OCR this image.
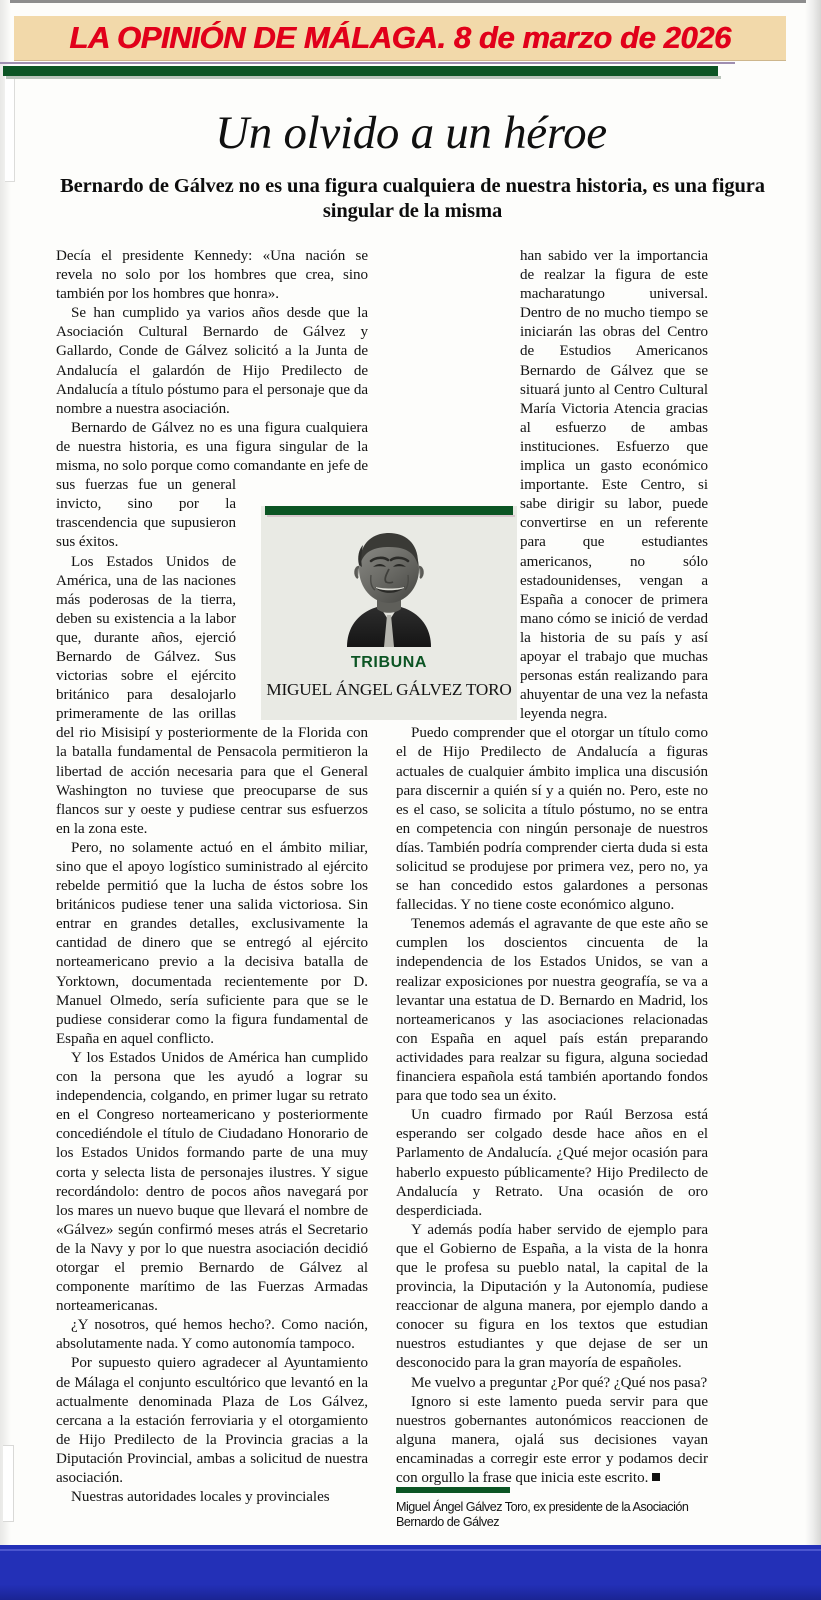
LA OPINIÓN DE MÁLAGA. 8 de marzo de 2026
Un olvido a un héroe
Bernardo de Gálvez no es una figura cualquiera de nuestra historia, es una figura singular de la misma
TRIBUNA
MIGUEL ÁNGEL GÁLVEZ TORO

Decía el presidente Kennedy: «Una nación se revela no solo por los hombres que crea, sino también por los hombres que honra».

Se han cumplido ya varios años desde que la Asociación Cultural Bernardo de Gálvez y Gallardo, Conde de Gálvez solicitó a la Junta de Andalucía el galardón de Hijo Predilecto de Andalucía a título póstumo para el personaje que da nombre a nuestra asociación.

Bernardo de Gálvez no es una figura cualquiera de nuestra historia, es una figura singular de la misma, no solo porque como comandante en jefe de sus fuerzas fue un general invicto, sino por la trascendencia que supusieron sus éxitos.

Los Estados Unidos de América, una de las naciones más poderosas de la tierra, deben su existencia a la labor que, durante años, ejerció Bernardo de Gálvez. Sus victorias sobre el ejército británico para desalojarlo primeramente de las orillas del rio Misisipí y posteriormente de la Florida con la batalla fundamental de Pensacola permitieron la libertad de acción necesaria para que el General Washington no tuviese que preocuparse de sus flancos sur y oeste y pudiese centrar sus esfuerzos en la zona este.

Pero, no solamente actuó en el ámbito miliar, sino que el apoyo logístico suministrado al ejército rebelde permitió que la lucha de éstos sobre los británicos pudiese tener una salida victoriosa. Sin entrar en grandes detalles, exclusivamente la cantidad de dinero que se entregó al ejército norteamericano previo a la decisiva batalla de Yorktown, documentada recientemente por D. Manuel Olmedo, sería suficiente para que se le pudiese considerar como la figura fundamental de España en aquel conflicto.

Y los Estados Unidos de América han cumplido con la persona que les ayudó a lograr su independencia, colgando, en primer lugar su retrato en el Congreso norteamericano y posteriormente concediéndole el título de Ciudadano Honorario de los Estados Unidos formando parte de una muy corta y selecta lista de personajes ilustres. Y sigue recordándolo: dentro de pocos años navegará por los mares un nuevo buque que llevará el nombre de «Gálvez» según confirmó meses atrás el Secretario de la Navy y por lo que nuestra asociación decidió otorgar el premio Bernardo de Gálvez al componente marítimo de las Fuerzas Armadas norteamericanas.

¿Y nosotros, qué hemos hecho?. Como nación, absolutamente nada. Y como autonomía tampoco.

Por supuesto quiero agradecer al Ayuntamiento de Málaga el conjunto escultórico que levantó en la actualmente denominada Plaza de Los Gálvez, cercana a la estación ferroviaria y el otorgamiento de Hijo Predilecto de la Provincia gracias a la Diputación Provincial, ambas a solicitud de nuestra asociación.

Nuestras autoridades locales y provinciales

han sabido ver la importancia de realzar la figura de este macharatungo universal. Dentro de no mucho tiempo se iniciarán las obras del Centro de Estudios Americanos Bernardo de Gálvez que se situará junto al Centro Cultural María Victoria Atencia gracias al esfuerzo de ambas instituciones. Esfuerzo que implica un gasto económico importante. Este Centro, si sabe dirigir su labor, puede convertirse en un referente para que estudiantes americanos, no sólo estadounidenses, vengan a España a conocer de primera mano cómo se inició de verdad la historia de su país y así apoyar el trabajo que muchas personas están realizando para ahuyentar de una vez la nefasta leyenda negra.

Puedo comprender que el otorgar un título como el de Hijo Predilecto de Andalucía a figuras actuales de cualquier ámbito implica una discusión para discernir a quién sí y a quién no. Pero, este no es el caso, se solicita a título póstumo, no se entra en competencia con ningún personaje de nuestros días. También podría comprender cierta duda si esta solicitud se produjese por primera vez, pero no, ya se han concedido estos galardones a personas fallecidas. Y no tiene coste económico alguno.

Tenemos además el agravante de que este año se cumplen los doscientos cincuenta de la independencia de los Estados Unidos, se van a realizar exposiciones por nuestra geografía, se va a levantar una estatua de D. Bernardo en Madrid, los norteamericanos y las asociaciones relacionadas con España en aquel país están preparando actividades para realzar su figura, alguna sociedad financiera española está también aportando fondos para que todo sea un éxito.

Un cuadro firmado por Raúl Berzosa está esperando ser colgado desde hace años en el Parlamento de Andalucía. ¿Qué mejor ocasión para haberlo expuesto públicamente? Hijo Predilecto de Andalucía y Retrato. Una ocasión de oro desperdiciada.

Y además podía haber servido de ejemplo para que el Gobierno de España, a la vista de la honra que le profesa su pueblo natal, la capital de la provincia, la Diputación y la Autonomía, pudiese reaccionar de alguna manera, por ejemplo dando a conocer su figura en los textos que estudian nuestros estudiantes y que dejase de ser un desconocido para la gran mayoría de españoles.

Me vuelvo a preguntar ¿Por qué? ¿Qué nos pasa?

Ignoro si este lamento pueda servir para que nuestros gobernantes autonómicos reaccionen de alguna manera, ojalá sus decisiones vayan encaminadas a corregir este error y podamos decir con orgullo la frase que inicia este escrito.

Miguel Ángel Gálvez Toro, ex presidente de la Asociación Bernardo de Gálvez
